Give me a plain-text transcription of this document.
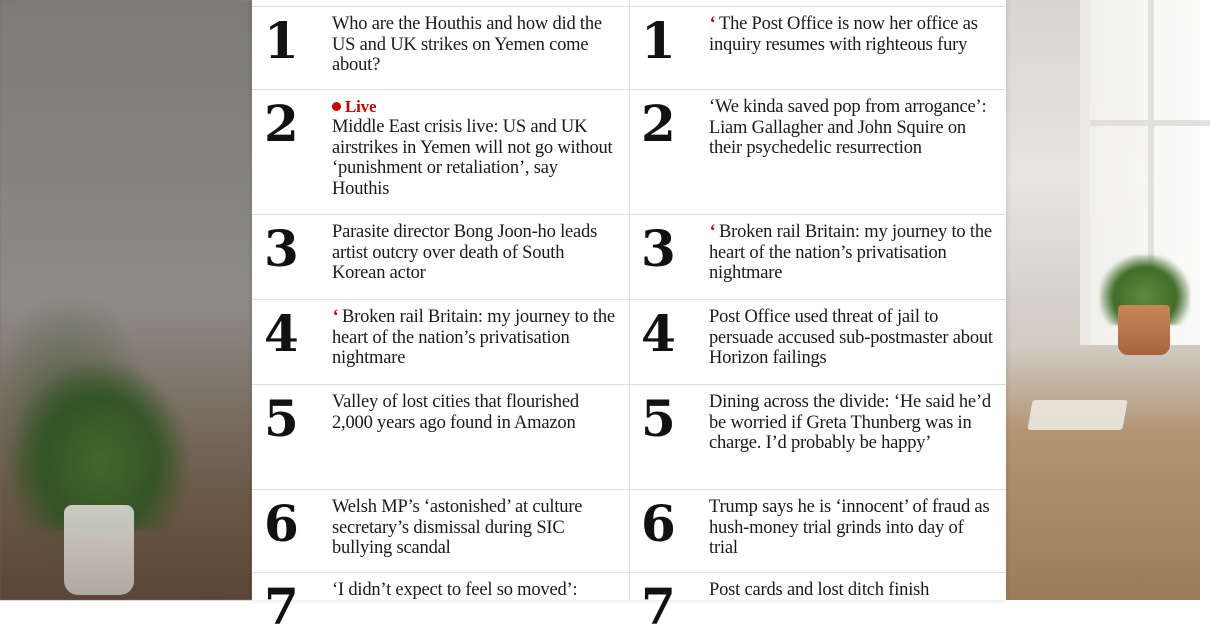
1	Who are the Houthis and how did the US and UK strikes on Yemen come about?
2	Live
Middle East crisis live: US and UK airstrikes in Yemen will not go without ‘punishment or retaliation’, say Houthis
3	Parasite director Bong Joon-ho leads artist outcry over death of South Korean actor
4	‘ Broken rail Britain: my journey to the heart of the nation’s privatisation nightmare
5	Valley of lost cities that flourished 2,000 years ago found in Amazon
6	Welsh MP’s ‘astonished’ at culture secretary’s dismissal during SIC bullying scandal
7	‘I didn’t expect to feel so moved’:
1	‘ The Post Office is now her office as inquiry resumes with righteous fury
2	‘We kinda saved pop from arrogance’: Liam Gallagher and John Squire on their psychedelic resurrection
3	‘ Broken rail Britain: my journey to the heart of the nation’s privatisation nightmare
4	Post Office used threat of jail to persuade accused sub-postmaster about Horizon failings
5	Dining across the divide: ‘He said he’d be worried if Greta Thunberg was in charge. I’d probably be happy’
6	Trump says he is ‘innocent’ of fraud as hush-money trial grinds into day of trial
7	Post cards and lost ditch finish
